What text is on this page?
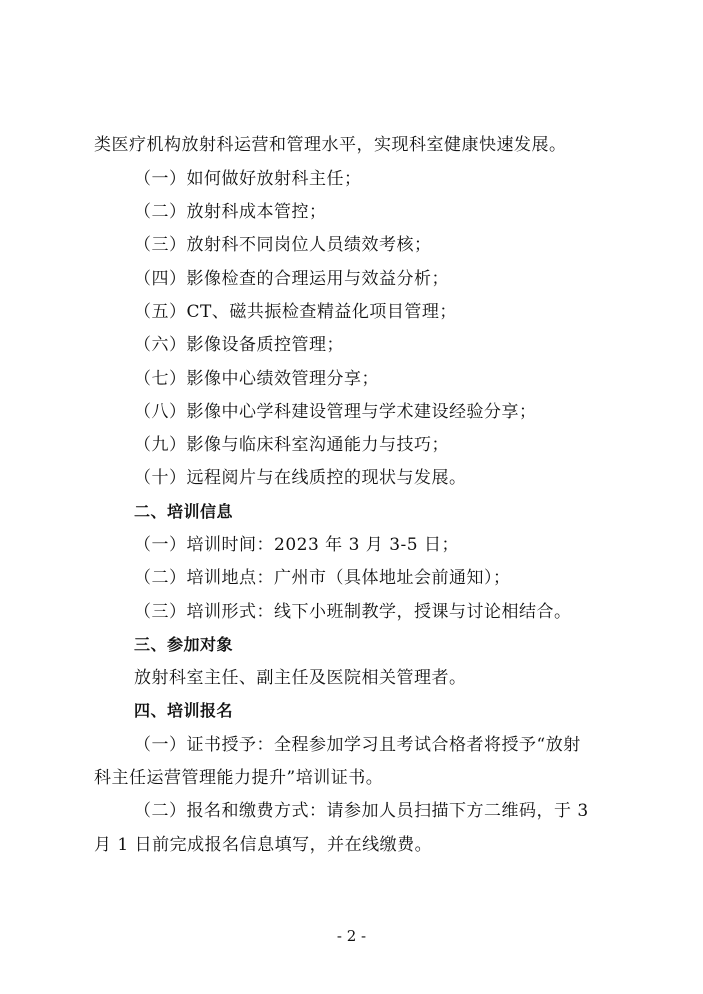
类医疗机构放射科运营和管理水平，实现科室健康快速发展。
（一）如何做好放射科主任；
（二）放射科成本管控；
（三）放射科不同岗位人员绩效考核；
（四）影像检查的合理运用与效益分析；
（五）CT、磁共振检查精益化项目管理；
（六）影像设备质控管理；
（七）影像中心绩效管理分享；
（八）影像中心学科建设管理与学术建设经验分享；
（九）影像与临床科室沟通能力与技巧；
（十）远程阅片与在线质控的现状与发展。
二、培训信息
（一）培训时间：2023 年 3 月 3-5 日；
（二）培训地点：广州市（具体地址会前通知）；
（三）培训形式：线下小班制教学，授课与讨论相结合。
三、参加对象
放射科室主任、副主任及医院相关管理者。
四、培训报名
（一）证书授予：全程参加学习且考试合格者将授予“放射
科主任运营管理能力提升”培训证书。
（二）报名和缴费方式：请参加人员扫描下方二维码，于 3
月 1 日前完成报名信息填写，并在线缴费。
- 2 -
